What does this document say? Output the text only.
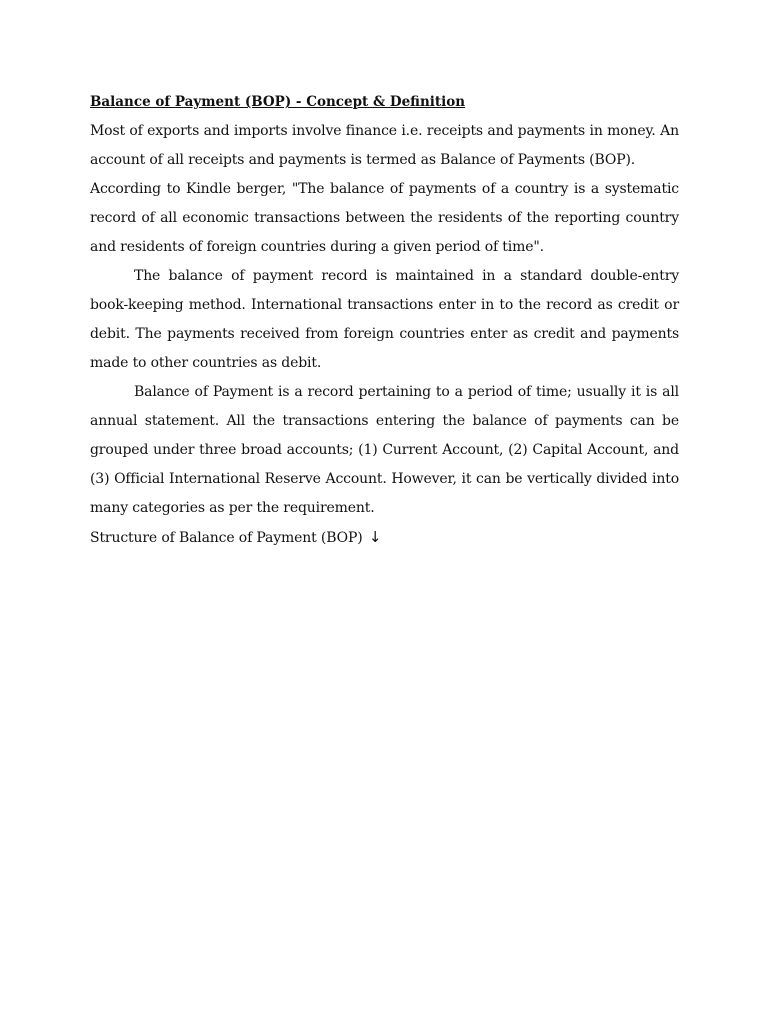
Balance of Payment (BOP) - Concept & Definition

Most of exports and imports involve finance i.e. receipts and payments in money. An account of all receipts and payments is termed as Balance of Payments (BOP).

According to Kindle berger, "The balance of payments of a country is a systematic record of all economic transactions between the residents of the reporting country and residents of foreign countries during a given period of time".

The balance of payment record is maintained in a standard double-entry book-keeping method. International transactions enter in to the record as credit or debit. The payments received from foreign countries enter as credit and payments made to other countries as debit.

Balance of Payment is a record pertaining to a period of time; usually it is all annual statement. All the transactions entering the balance of payments can be grouped under three broad accounts; (1) Current Account, (2) Capital Account, and (3) Official International Reserve Account. However, it can be vertically divided into many categories as per the requirement.

Structure of Balance of Payment (BOP) ↓
